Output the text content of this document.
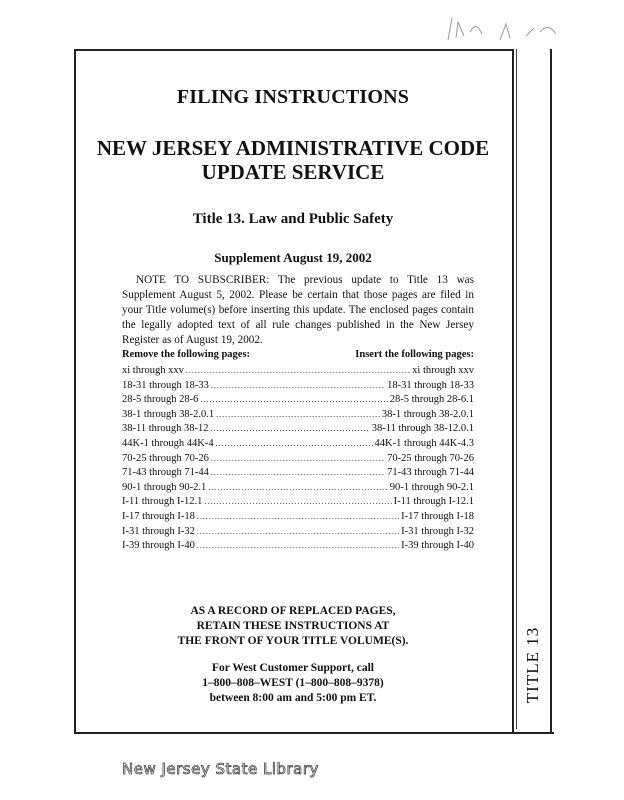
TITLE 13
FILING INSTRUCTIONS
NEW JERSEY ADMINISTRATIVE CODE
UPDATE SERVICE
Title 13. Law and Public Safety
Supplement August 19, 2002
NOTE TO SUBSCRIBER: The previous update to Title 13 was Supplement August 5, 2002. Please be certain that those pages are filed in your Title volume(s) before inserting this update. The enclosed pages contain the legally adopted text of all rule changes published in the New Jersey Register as of August 19, 2002.
Remove the following pages:	Insert the following pages:
xi through xxv .....	xi through xxv
18-31 through 18-33 .....	18-31 through 18-33
28-5 through 28-6 .....	28-5 through 28-6.1
38-1 through 38-2.0.1 .....	38-1 through 38-2.0.1
38-11 through 38-12 .....	38-11 through 38-12.0.1
44K-1 through 44K-4 .....	44K-1 through 44K-4.3
70-25 through 70-26 .....	70-25 through 70-26
71-43 through 71-44 .....	71-43 through 71-44
90-1 through 90-2.1 .....	90-1 through 90-2.1
I-11 through I-12.1 .....	I-11 through I-12.1
I-17 through I-18 .....	I-17 through I-18
I-31 through I-32 .....	I-31 through I-32
I-39 through I-40 .....	I-39 through I-40
AS A RECORD OF REPLACED PAGES,
RETAIN THESE INSTRUCTIONS AT
THE FRONT OF YOUR TITLE VOLUME(S).
For West Customer Support, call
1–800–808–WEST (1–800–808–9378)
between 8:00 am and 5:00 pm ET.
New Jersey State Library
